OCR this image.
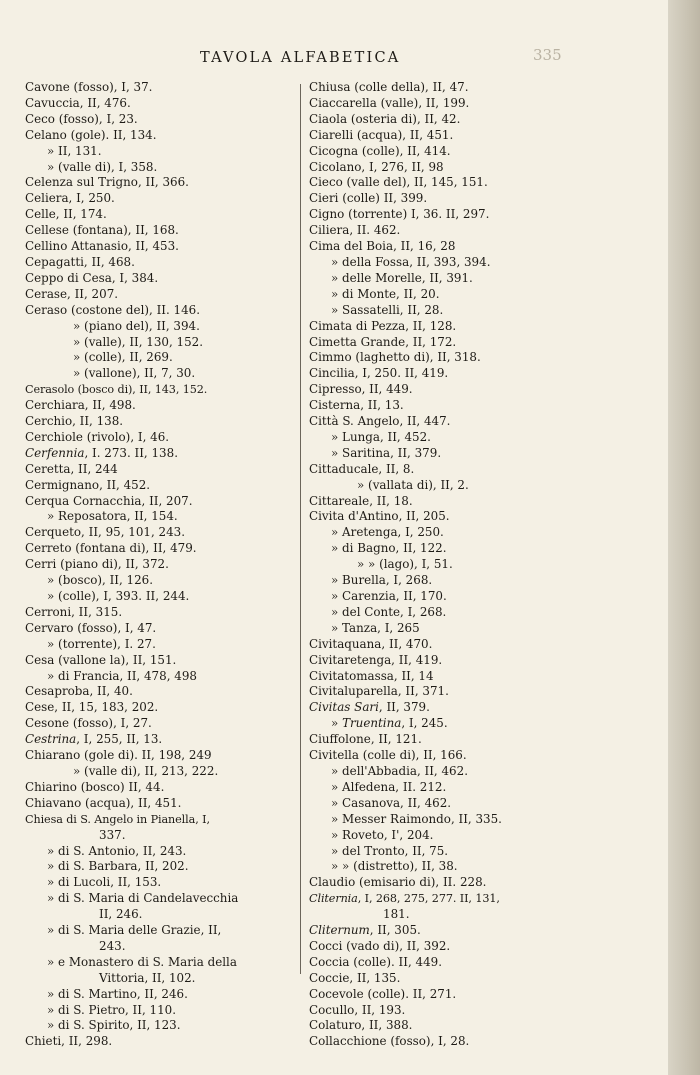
TAVOLA ALFABETICA	335
Cavone (fosso), I, 37.
Cavuccia, II, 476.
Ceco (fosso), I, 23.
Celano (gole). II, 134.
» II, 131.
» (valle di), I, 358.
Celenza sul Trigno, II, 366.
Celiera, I, 250.
Celle, II, 174.
Cellese (fontana), II, 168.
Cellino Attanasio, II, 453.
Cepagatti, II, 468.
Ceppo di Cesa, I, 384.
Cerase, II, 207.
Ceraso (costone del), II. 146.
» (piano del), II, 394.
» (valle), II, 130, 152.
» (colle), II, 269.
» (vallone), II, 7, 30.
Cerasolo (bosco di), II, 143, 152.
Cerchiara, II, 498.
Cerchio, II, 138.
Cerchiole (rivolo), I, 46.
Cerfennia, I. 273. II, 138.
Ceretta, II, 244
Cermignano, II, 452.
Cerqua Cornacchia, II, 207.
» Reposatora, II, 154.
Cerqueto, II, 95, 101, 243.
Cerreto (fontana di), II, 479.
Cerri (piano di), II, 372.
» (bosco), II, 126.
» (colle), I, 393. II, 244.
Cerroni, II, 315.
Cervaro (fosso), I, 47.
» (torrente), I. 27.
Cesa (vallone la), II, 151.
» di Francia, II, 478, 498
Cesaproba, II, 40.
Cese, II, 15, 183, 202.
Cesone (fosso), I, 27.
Cestrina, I, 255, II, 13.
Chiarano (gole di). II, 198, 249
» (valle di), II, 213, 222.
Chiarino (bosco) II, 44.
Chiavano (acqua), II, 451.
Chiesa di S. Angelo in Pianella, I,
337.
» di S. Antonio, II, 243.
» di S. Barbara, II, 202.
» di Lucoli, II, 153.
» di S. Maria di Candelavecchia
II, 246.
» di S. Maria delle Grazie, II,
243.
» e Monastero di S. Maria della
Vittoria, II, 102.
» di S. Martino, II, 246.
» di S. Pietro, II, 110.
» di S. Spirito, II, 123.
Chieti, II, 298.
Chiusa (colle della), II, 47.
Ciaccarella (valle), II, 199.
Ciaola (osteria di), II, 42.
Ciarelli (acqua), II, 451.
Cicogna (colle), II, 414.
Cicolano, I, 276, II, 98
Cieco (valle del), II, 145, 151.
Cieri (colle) II, 399.
Cigno (torrente) I, 36. II, 297.
Ciliera, II. 462.
Cima del Boia, II, 16, 28
» della Fossa, II, 393, 394.
» delle Morelle, II, 391.
» di Monte, II, 20.
» Sassatelli, II, 28.
Cimata di Pezza, II, 128.
Cimetta Grande, II, 172.
Cimmo (laghetto di), II, 318.
Cincilia, I, 250. II, 419.
Cipresso, II, 449.
Cisterna, II, 13.
Città S. Angelo, II, 447.
» Lunga, II, 452.
» Saritina, II, 379.
Cittaducale, II, 8.
» (vallata di), II, 2.
Cittareale, II, 18.
Civita d'Antino, II, 205.
» Aretenga, I, 250.
» di Bagno, II, 122.
» » (lago), I, 51.
» Burella, I, 268.
» Carenzia, II, 170.
» del Conte, I, 268.
» Tanza, I, 265
Civitaquana, II, 470.
Civitaretenga, II, 419.
Civitatomassa, II, 14
Civitaluparella, II, 371.
Civitas Sari, II, 379.
» Truentina, I, 245.
Ciuffolone, II, 121.
Civitella (colle di), II, 166.
» dell'Abbadia, II, 462.
» Alfedena, II. 212.
» Casanova, II, 462.
» Messer Raimondo, II, 335.
» Roveto, I', 204.
» del Tronto, II, 75.
» » (distretto), II, 38.
Claudio (emisario di), II. 228.
Cliternia, I, 268, 275, 277. II, 131,
181.
Cliternum, II, 305.
Cocci (vado di), II, 392.
Coccia (colle). II, 449.
Cocciе, II, 135.
Cocevole (colle). II, 271.
Cocullo, II, 193.
Colaturo, II, 388.
Collacchione (fosso), I, 28.
